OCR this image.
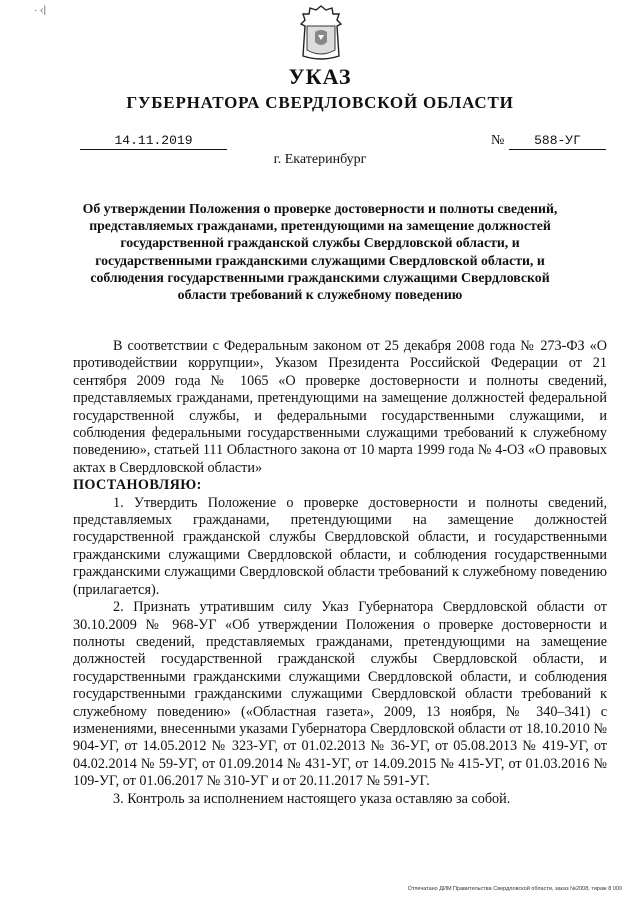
· ‹|
УКАЗ
ГУБЕРНАТОРА СВЕРДЛОВСКОЙ ОБЛАСТИ
14.11.2019	№	588-УГ
г. Екатеринбург
Об утверждении Положения о проверке достоверности и полноты сведений, представляемых гражданами, претендующими на замещение должностей государственной гражданской службы Свердловской области, и государственными гражданскими служащими Свердловской области, и соблюдения государственными гражданскими служащими Свердловской области требований к служебному поведению

В соответствии с Федеральным законом от 25 декабря 2008 года № 273-ФЗ «О противодействии коррупции», Указом Президента Российской Федерации от 21 сентября 2009 года № 1065 «О проверке достоверности и полноты сведений, представляемых гражданами, претендующими на замещение должностей федеральной государственной службы, и федеральными государственными служащими, и соблюдения федеральными государственными служащими требований к служебному поведению», статьей 111 Областного закона от 10 марта 1999 года № 4-ОЗ «О правовых актах в Свердловской области»

ПОСТАНОВЛЯЮ:

1. Утвердить Положение о проверке достоверности и полноты сведений, представляемых гражданами, претендующими на замещение должностей государственной гражданской службы Свердловской области, и государственными гражданскими служащими Свердловской области, и соблюдения государственными гражданскими служащими Свердловской области требований к служебному поведению (прилагается).

2. Признать утратившим силу Указ Губернатора Свердловской области от 30.10.2009 № 968-УГ «Об утверждении Положения о проверке достоверности и полноты сведений, представляемых гражданами, претендующими на замещение должностей государственной гражданской службы Свердловской области, и государственными гражданскими служащими Свердловской области, и соблюдения государственными гражданскими служащими Свердловской области требований к служебному поведению» («Областная газета», 2009, 13 ноября, № 340–341) с изменениями, внесенными указами Губернатора Свердловской области от 18.10.2010 № 904-УГ, от 14.05.2012 № 323-УГ, от 01.02.2013 № 36-УГ, от 05.08.2013 № 419-УГ, от 04.02.2014 № 59-УГ, от 01.09.2014 № 431-УГ, от 14.09.2015 № 415-УГ, от 01.03.2016 № 109-УГ, от 01.06.2017 № 310-УГ и от 20.11.2017 № 591-УГ.

3. Контроль за исполнением настоящего указа оставляю за собой.

Отпечатано ДИМ Правительства Свердловской области, заказ №2008, тираж 8 000
